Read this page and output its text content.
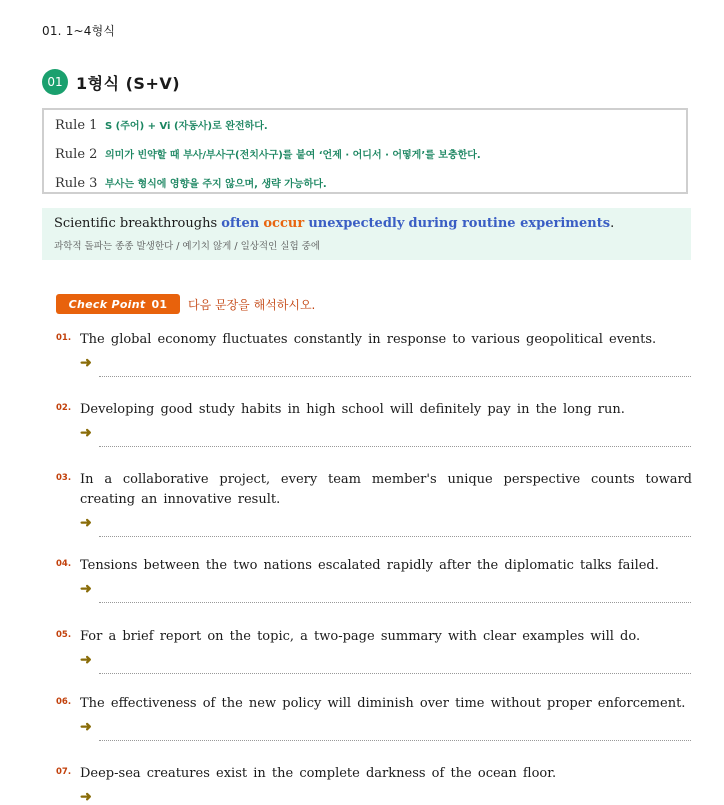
01. 1~4형식
01 1형식 (S+V)
Rule 1 S (주어) + Vi (자동사)로 완전하다.
Rule 2 의미가 빈약할 때 부사/부사구(전치사구)를 붙여 ‘언제 · 어디서 · 어떻게’를 보충한다.
Rule 3 부사는 형식에 영향을 주지 않으며, 생략 가능하다.
Scientific breakthroughs often occur unexpectedly during routine experiments.
과학적 돌파는 종종 발생한다 / 예기치 않게 / 일상적인 실험 중에
Check Point 01 다음 문장을 해석하시오.
01. The global economy fluctuates constantly in response to various geopolitical events.
➜
02. Developing good study habits in high school will definitely pay in the long run.
➜
03. In a collaborative project, every team member's unique perspective counts toward creating an innovative result.
➜
04. Tensions between the two nations escalated rapidly after the diplomatic talks failed.
➜
05. For a brief report on the topic, a two-page summary with clear examples will do.
➜
06. The effectiveness of the new policy will diminish over time without proper enforcement.
➜
07. Deep-sea creatures exist in the complete darkness of the ocean floor.
➜
